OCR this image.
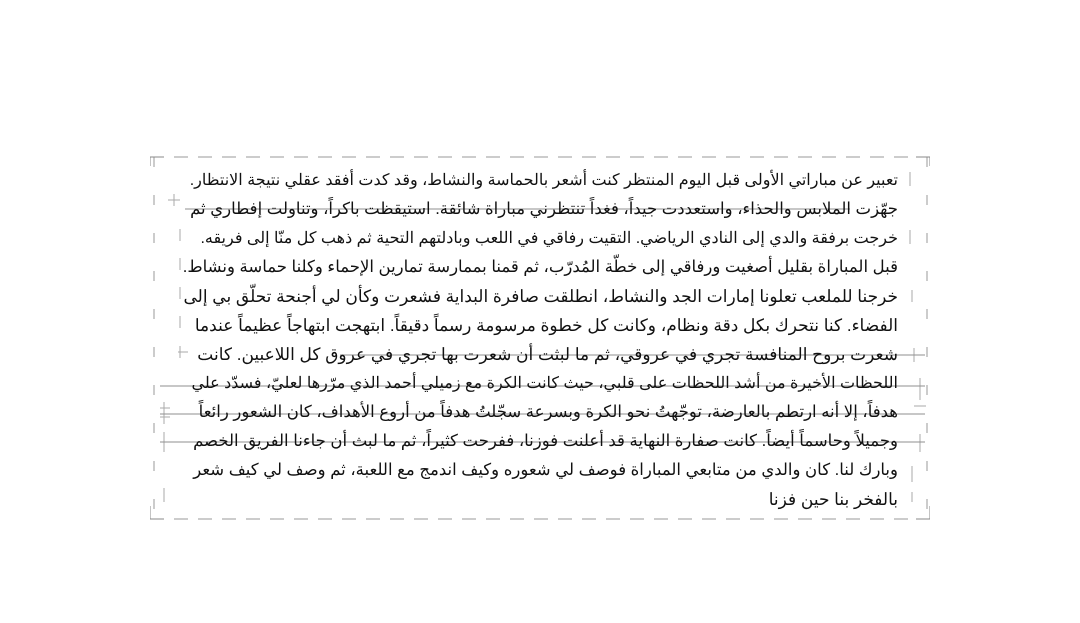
تعبير عن مباراتي الأولى قبل اليوم المنتظر كنت أشعر بالحماسة والنشاط، وقد كدت أفقد عقلي نتيجة الانتظار.
جهّزت الملابس والحذاء، واستعددت جيداً، فغداً تنتظرني مباراة شائقة. استيقظت باكراً، وتناولت إفطاري ثم
خرجت برفقة والدي إلى النادي الرياضي. التقيت رفاقي في اللعب وبادلتهم التحية ثم ذهب كل منّا إلى فريقه.
قبل المباراة بقليل أصغيت ورفاقي إلى خطّة المُدرّب، ثم قمنا بممارسة تمارين الإحماء وكلنا حماسة ونشاط.
خرجنا للملعب تعلونا إمارات الجد والنشاط، انطلقت صافرة البداية فشعرت وكأن لي أجنحة تحلّق بي إلى
الفضاء. كنا نتحرك بكل دقة ونظام، وكانت كل خطوة مرسومة رسماً دقيقاً. ابتهجت ابتهاجاً عظيماً عندما
شعرت بروح المنافسة تجري في عروقي، ثم ما لبثت أن شعرت بها تجري في عروق كل اللاعبين. كانت
اللحظات الأخيرة من أشد اللحظات على قلبي، حيث كانت الكرة مع زميلي أحمد الذي مرّرها لعليّ، فسدّد علي
هدفاً، إلا أنه ارتطم بالعارضة، توجّهتُ نحو الكرة وبسرعة سجّلتُ هدفاً من أروع الأهداف، كان الشعور رائعاً
وجميلاً وحاسماً أيضاً. كانت صفارة النهاية قد أعلنت فوزنا، ففرحت كثيراً، ثم ما لبث أن جاءنا الفريق الخصم
وبارك لنا. كان والدي من متابعي المباراة فوصف لي شعوره وكيف اندمج مع اللعبة، ثم وصف لي كيف شعر
بالفخر بنا حين فزنا
